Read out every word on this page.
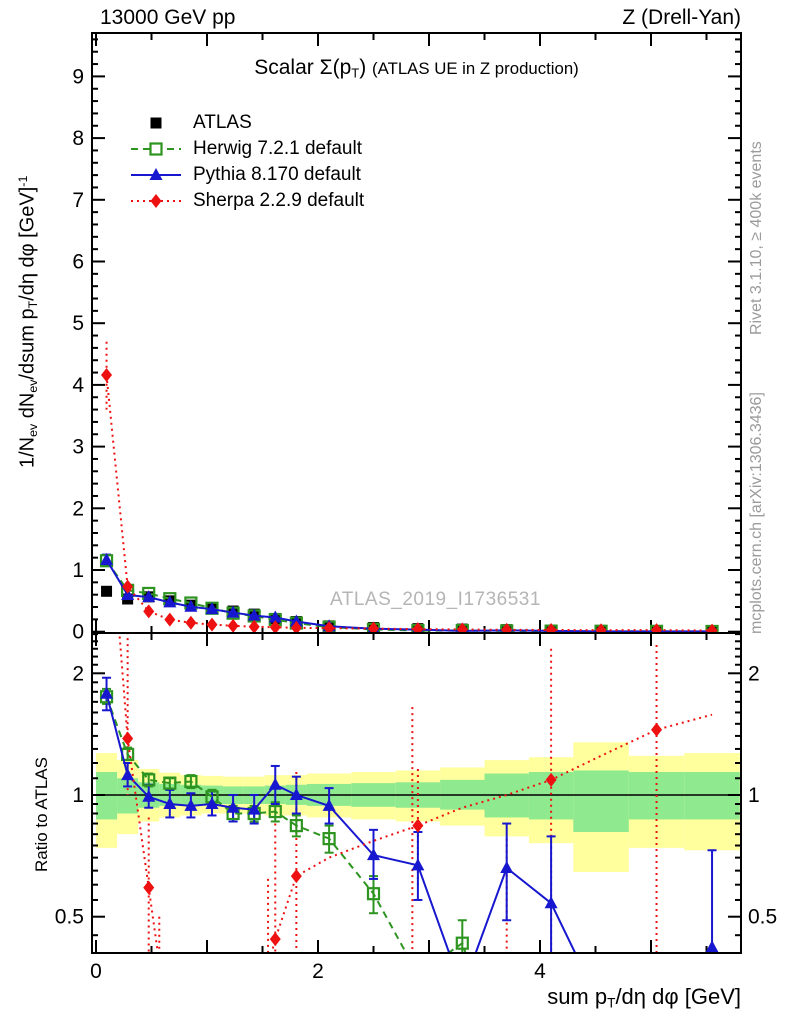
13000 GeV pp	Z (Drell-Yan)
Scalar Σ(pT) (ATLAS UE in Z production)
0
1
2
3
4
5
6
7
8
9
2	2
1	1
0.5	0.5
0	2	4
ATLAS
Herwig 7.2.1 default
Pythia 8.170 default
Sherpa 2.2.9 default
ATLAS_2019_I1736531
Rivet 3.1.10, ≥ 400k events
mcplots.cern.ch [arXiv:1306.3436]
1/Nev dNev/dsum pT/dη dφ [GeV]$^{-1}$
Ratio to ATLAS
sum pT/dη dφ [GeV]
